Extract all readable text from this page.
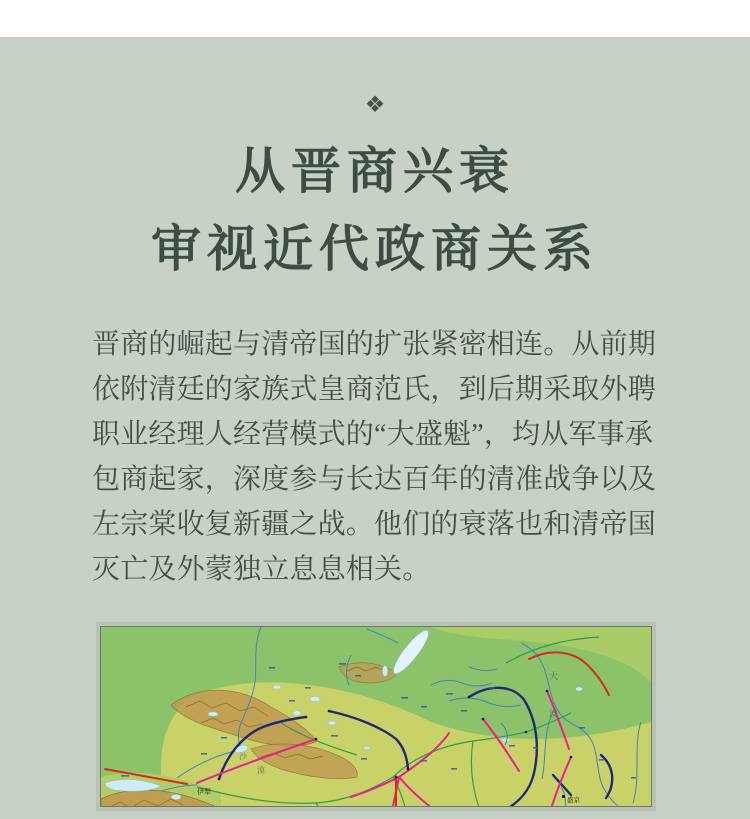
❖
从晋商兴衰
审视近代政商关系
晋商的崛起与清帝国的扩张紧密相连。从前期
依附清廷的家族式皇商范氏，到后期采取外聘
职业经理人经营模式的“大盛魁”，均从军事承
包商起家，深度参与长达百年的清准战争以及
左宗棠收复新疆之战。他们的衰落也和清帝国
灭亡及外蒙独立息息相关。
伊犁
盛京
沙
漠
大
漠
